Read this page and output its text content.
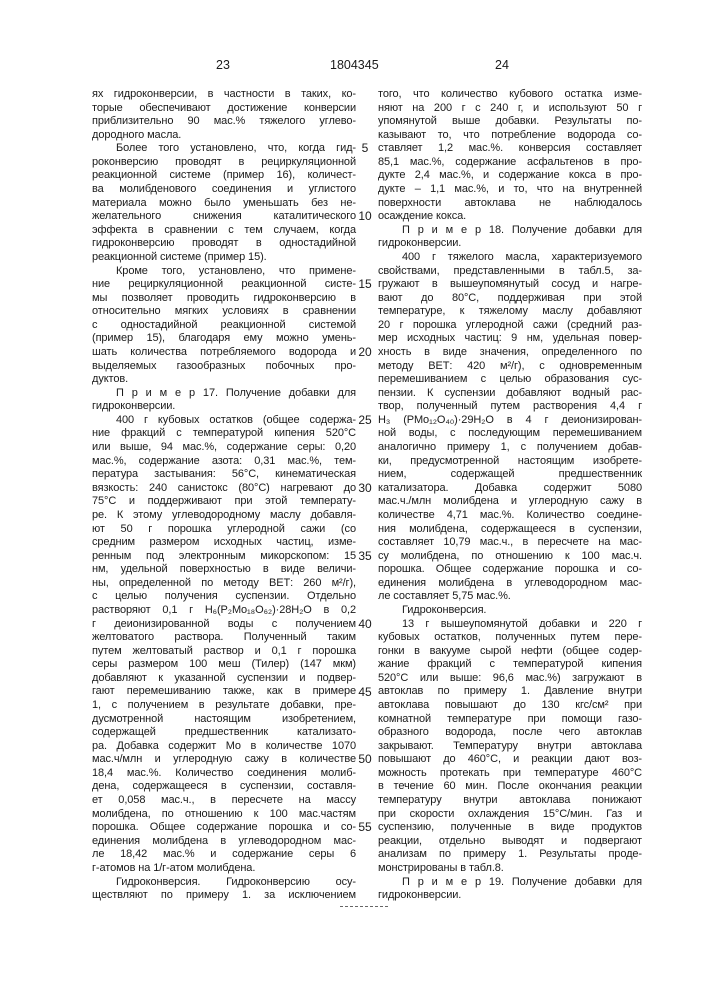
23	1804345	24
ях гидроконверсии, в частности в таких, ко-
торые обеспечивают достижение конверсии
приблизительно 90 мас.% тяжелого углево-
дородного масла.
Более того установлено, что, когда гид-
роконверсию проводят в рециркуляционной
реакционной системе (пример 16), количест-
ва молибденового соединения и углистого
материала можно было уменьшать без не-
желательного снижения каталитического
эффекта в сравнении с тем случаем, когда
гидроконверсию проводят в одностадийной
реакционной системе (пример 15).
Кроме того, установлено, что примене-
ние рециркуляционной реакционной систе-
мы позволяет проводить гидроконверсию в
относительно мягких условиях в сравнении
с одностадийной реакционной системой
(пример 15), благодаря ему можно умень-
шать количества потребляемого водорода и
выделяемых газообразных побочных про-
дуктов.
П р и м е р 17. Получение добавки для
гидроконверсии.
400 г кубовых остатков (общее содержа-
ние фракций с температурой кипения 520°С
или выше, 94 мас.%, содержание серы: 0,20
мас.%, содержание азота: 0,31 мас.%, тем-
пература застывания: 56°С, кинематическая
вязкость: 240 санистокс (80°С) нагревают до
75°С и поддерживают при этой температу-
ре. К этому углеводородному маслу добавля-
ют 50 г порошка углеродной сажи (со
средним размером исходных частиц, изме-
ренным под электронным микорскопом: 15
нм, удельной поверхностью в виде величи-
ны, определенной по методу ВЕТ: 260 м²/г),
с целью получения суспензии. Отдельно
растворяют 0,1 г H₆(P₂Mo₁₈O₆₂)·28H₂O в 0,2
г деионизированной воды с получением
желтоватого раствора. Полученный таким
путем желтоватый раствор и 0,1 г порошка
серы размером 100 меш (Тилер) (147 мкм)
добавляют к указанной суспензии и подвер-
гают перемешиванию также, как в примере
1, с получением в результате добавки, пре-
дусмотренной настоящим изобретением,
содержащей предшественник катализато-
ра. Добавка содержит Мо в количестве 1070
мас.ч/млн и углеродную сажу в количестве
18,4 мас.%. Количество соединения молиб-
дена, содержащееся в суспензии, составля-
ет 0,058 мас.ч., в пересчете на массу
молибдена, по отношению к 100 мас.частям
порошка. Общее содержание порошка и со-
единения молибдена в углеводородном мас-
ле 18,42 мас.% и содержание серы 6
г-атомов на 1/г-атом молибдена.
Гидроконверсия. Гидроконверсию осу-
ществляют по примеру 1. за исключением
того, что количество кубового остатка изме-
няют на 200 г с 240 г, и используют 50 г
упомянутой выше добавки. Результаты по-
казывают то, что потребление водорода со-
ставляет 1,2 мас.%. конверсия составляет
85,1 мас.%, содержание асфальтенов в про-
дукте 2,4 мас.%, и содержание кокса в про-
дукте – 1,1 мас.%, и то, что на внутренней
поверхности автоклава не наблюдалось
осаждение кокса.
П р и м е р 18. Получение добавки для
гидроконверсии.
400 г тяжелого масла, характеризуемого
свойствами, представленными в табл.5, за-
гружают в вышеупомянутый сосуд и нагре-
вают до 80°С, поддерживая при этой
температуре, к тяжелому маслу добавляют
20 г порошка углеродной сажи (средний раз-
мер исходных частиц: 9 нм, удельная повер-
хность в виде значения, определенного по
методу ВЕТ: 420 м²/г), с одновременным
перемешиванием с целью образования сус-
пензии. К суспензии добавляют водный рас-
твор, полученный путем растворения 4,4 г
H₃ (PMo₁₂O₄₀)·29H₂O в 4 г деионизирован-
ной воды, с последующим перемешиванием
аналогично примеру 1, с получением добав-
ки, предусмотренной настоящим изобрете-
нием, содержащей предшественник
катализатора. Добавка содержит 5080
мас.ч./млн молибдена и углеродную сажу в
количестве 4,71 мас.%. Количество соедине-
ния молибдена, содержащееся в суспензии,
составляет 10,79 мас.ч., в пересчете на мас-
су молибдена, по отношению к 100 мас.ч.
порошка. Общее содержание порошка и со-
единения молибдена в углеводородном мас-
ле составляет 5,75 мас.%.
Гидроконверсия.
13 г вышеупомянутой добавки и 220 г
кубовых остатков, полученных путем пере-
гонки в вакууме сырой нефти (общее содер-
жание фракций с температурой кипения
520°С или выше: 96,6 мас.%) загружают в
автоклав по примеру 1. Давление внутри
автоклава повышают до 130 кгс/см² при
комнатной температуре при помощи газо-
образного водорода, после чего автоклав
закрывают. Температуру внутри автоклава
повышают до 460°С, и реакции дают воз-
можность протекать при температуре 460°С
в течение 60 мин. После окончания реакции
температуру внутри автоклава понижают
при скорости охлаждения 15°С/мин. Газ и
суспензию, полученные в виде продуктов
реакции, отдельно выводят и подвергают
анализам по примеру 1. Результаты проде-
монстрированы в табл.8.
П р и м е р 19. Получение добавки для
гидроконверсии.
5
10
15
20
25
30
35
40
45
50
55
